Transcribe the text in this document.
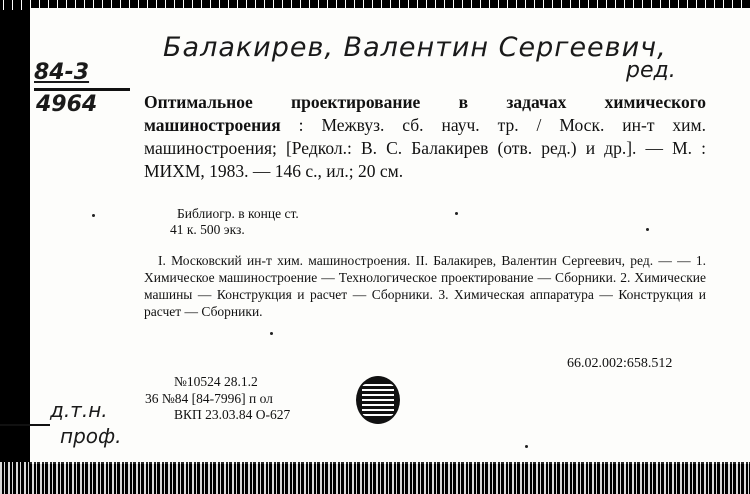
Балакирев, Валентин Сергеевич,
ред.
84-3
4964	Оптимальное проектирование в задачах химического машиностроения : Межвуз. сб. науч. тр. / Моск. ин-т хим. машиностроения; [Редкол.: В. С. Балакирев (отв. ред.) и др.]. — М. : МИХМ, 1983. — 146 с., ил.; 20 см.
Библиогр. в конце ст.
41 к. 500 экз.

I. Московский ин-т хим. машиностроения. II. Балакирев, Валентин Сергеевич, ред. — — 1. Химическое машиностроение — Технологическое проектирование — Сборники. 2. Химические машины — Конструкция и расчет — Сборники. 3. Химическая аппаратура — Конструкция и расчет — Сборники.

66.02.002:658.512
№10524 28.1.2
36 №84 [84-7996] п ол
ВКП 23.03.84 О-627
д.т.н.
проф.
